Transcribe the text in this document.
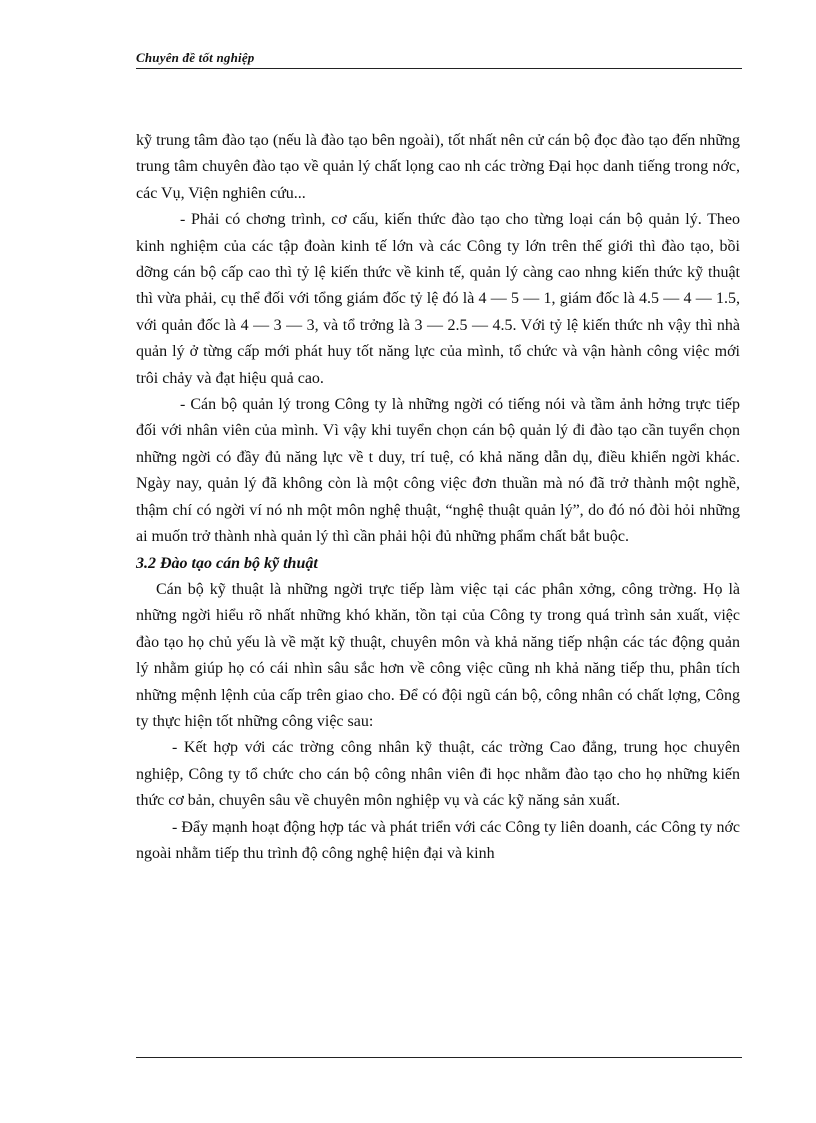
Chuyên đề tốt nghiệp

kỹ trung tâm đào tạo (nếu là đào tạo bên ngoài), tốt nhất nên cử cán bộ đọc đào tạo đến những trung tâm chuyên đào tạo về quản lý chất lọng cao nh các trờng Đại học danh tiếng trong nớc, các Vụ, Viện nghiên cứu...

- Phải có chơng trình, cơ cấu, kiến thức đào tạo cho từng loại cán bộ quản lý. Theo kinh nghiệm của các tập đoàn kinh tế lớn và các Công ty lớn trên thế giới thì đào tạo, bồi dỡng cán bộ cấp cao thì tỷ lệ kiến thức về kinh tế, quản lý càng cao nhng kiến thức kỹ thuật thì vừa phải, cụ thể đối với tổng giám đốc tỷ lệ đó là 4 — 5 — 1, giám đốc là 4.5 — 4 — 1.5, với quản đốc là 4 — 3 — 3, và tổ trởng là 3 — 2.5 — 4.5. Với tỷ lệ kiến thức nh vậy thì nhà quản lý ở từng cấp mới phát huy tốt năng lực của mình, tổ chức và vận hành công việc mới trôi chảy và đạt hiệu quả cao.

- Cán bộ quản lý trong Công ty là những ngời có tiếng nói và tầm ảnh hởng trực tiếp đối với nhân viên của mình. Vì vậy khi tuyển chọn cán bộ quản lý đi đào tạo cần tuyển chọn những ngời có đầy đủ năng lực về t duy, trí tuệ, có khả năng dẫn dụ, điều khiển ngời khác. Ngày nay, quản lý đã không còn là một công việc đơn thuần mà nó đã trở thành một nghề, thậm chí có ngời ví nó nh một môn nghệ thuật, “nghệ thuật quản lý”, do đó nó đòi hỏi những ai muốn trở thành nhà quản lý thì cần phải hội đủ những phẩm chất bắt buộc.

3.2 Đào tạo cán bộ kỹ thuật

Cán bộ kỹ thuật là những ngời trực tiếp làm việc tại các phân xởng, công trờng. Họ là những ngời hiểu rõ nhất những khó khăn, tồn tại của Công ty trong quá trình sản xuất, việc đào tạo họ chủ yếu là về mặt kỹ thuật, chuyên môn và khả năng tiếp nhận các tác động quản lý nhằm giúp họ có cái nhìn sâu sắc hơn về công việc cũng nh khả năng tiếp thu, phân tích những mệnh lệnh của cấp trên giao cho. Để có đội ngũ cán bộ, công nhân có chất lợng, Công ty thực hiện tốt những công việc sau:

- Kết hợp với các trờng công nhân kỹ thuật, các trờng Cao đẳng, trung học chuyên nghiệp, Công ty tổ chức cho cán bộ công nhân viên đi học nhằm đào tạo cho họ những kiến thức cơ bản, chuyên sâu về chuyên môn nghiệp vụ và các kỹ năng sản xuất.

- Đẩy mạnh hoạt động hợp tác và phát triển với các Công ty liên doanh, các Công ty nớc ngoài nhằm tiếp thu trình độ công nghệ hiện đại và kinh
